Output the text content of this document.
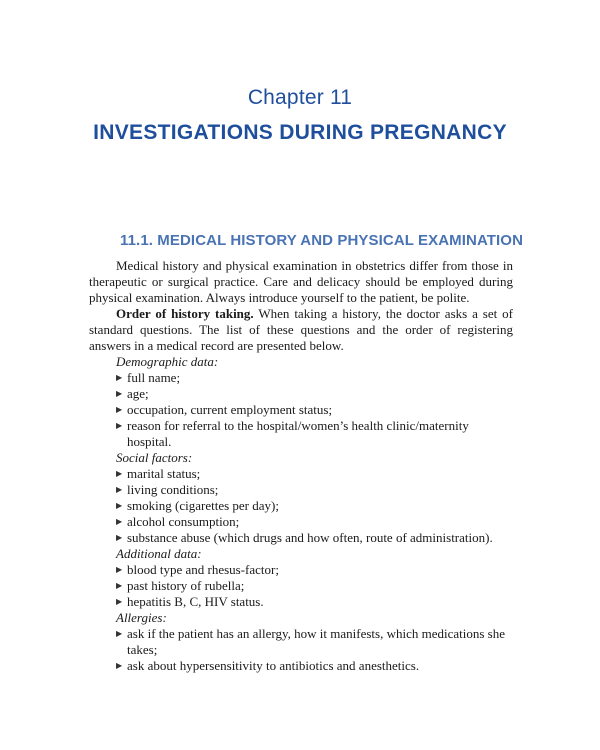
Chapter 11
INVESTIGATIONS DURING PREGNANCY
11.1. MEDICAL HISTORY AND PHYSICAL EXAMINATION

Medical history and physical examination in obstetrics differ from those in therapeutic or surgical practice. Care and delicacy should be employed during physical examination. Always introduce yourself to the patient, be polite.

Order of history taking. When taking a history, the doctor asks a set of standard questions. The list of these questions and the order of registering answers in a medical record are presented below.

Demographic data:

▶ full name;
▶ age;
▶ occupation, current employment status;
▶ reason for referral to the hospital/women’s health clinic/maternity hospital.

Social factors:

▶ marital status;
▶ living conditions;
▶ smoking (cigarettes per day);
▶ alcohol consumption;
▶ substance abuse (which drugs and how often, route of administration).

Additional data:

▶ blood type and rhesus-factor;
▶ past history of rubella;
▶ hepatitis B, C, HIV status.

Allergies:

▶ ask if the patient has an allergy, how it manifests, which medications she takes;
▶ ask about hypersensitivity to antibiotics and anesthetics.
